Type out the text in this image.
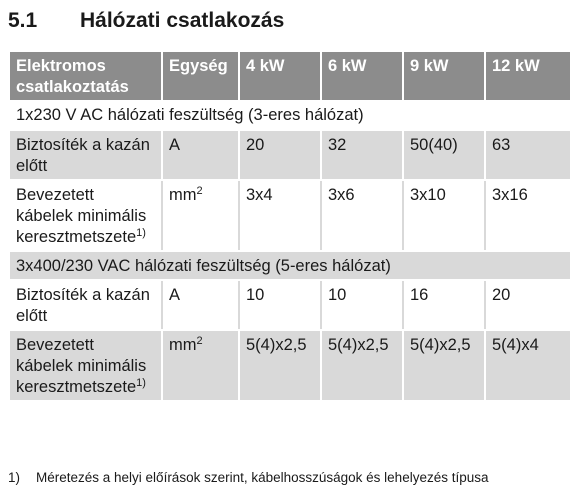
5.1	Hálózati csatlakozás
Elektromos csatlakoztatás	Egység	4 kW	6 kW	9 kW	12 kW
1x230 V AC hálózati feszültség (3-eres hálózat)					
Biztosíték a kazán előtt	A	20	32	50(40)	63
Bevezetett kábelek minimális keresztmetszete$^{1)}$	$mm^2$	3x4	3x6	3x10	3x16
3x400/230 VAC hálózati feszültség (5-eres hálózat)					
Biztosíték a kazán előtt	A	10	10	16	20
Bevezetett kábelek minimális keresztmetszete$^{1)}$	$mm^2$	5(4)x2,5	5(4)x2,5	5(4)x2,5	5(4)x4
1)	Méretezés a helyi előírások szerint, kábelhosszúságok és lehelyezés típusa
